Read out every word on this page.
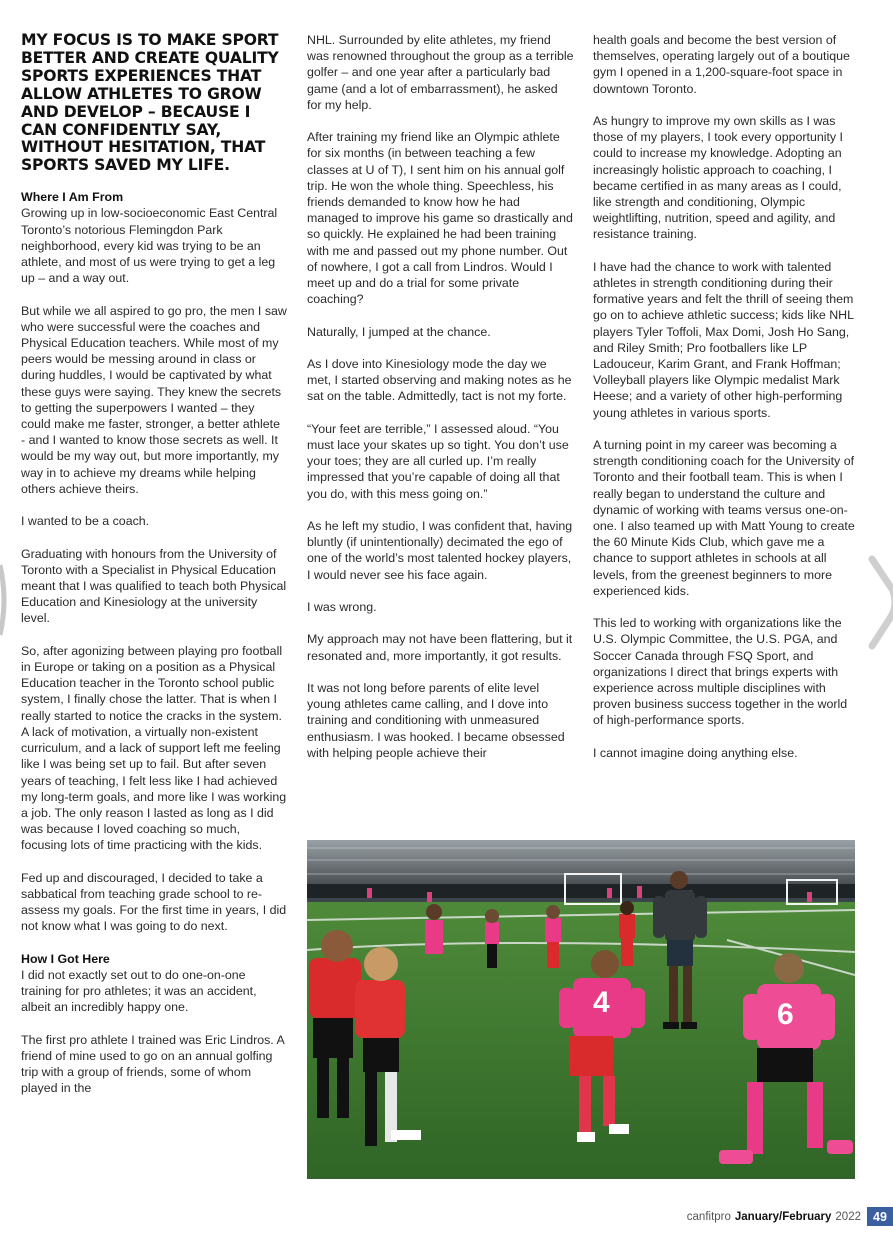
MY FOCUS IS TO MAKE SPORT BETTER AND CREATE QUALITY SPORTS EXPERIENCES THAT ALLOW ATHLETES TO GROW AND DEVELOP – BECAUSE I CAN CONFIDENTLY SAY, WITHOUT HESITATION, THAT SPORTS SAVED MY LIFE.
Where I Am From

Growing up in low-socioeconomic East Central Toronto’s notorious Flemingdon Park neighborhood, every kid was trying to be an athlete, and most of us were trying to get a leg up – and a way out.

But while we all aspired to go pro, the men I saw who were successful were the coaches and Physical Education teachers. While most of my peers would be messing around in class or during huddles, I would be captivated by what these guys were saying. They knew the secrets to getting the superpowers I wanted – they could make me faster, stronger, a better athlete - and I wanted to know those secrets as well. It would be my way out, but more importantly, my way in to achieve my dreams while helping others achieve theirs.

I wanted to be a coach.

Graduating with honours from the University of Toronto with a Specialist in Physical Education meant that I was qualified to teach both Physical Education and Kinesiology at the university level.

So, after agonizing between playing pro football in Europe or taking on a position as a Physical Education teacher in the Toronto school public system, I finally chose the latter. That is when I really started to notice the cracks in the system. A lack of motivation, a virtually non-existent curriculum, and a lack of support left me feeling like I was being set up to fail. But after seven years of teaching, I felt less like I had achieved my long-term goals, and more like I was working a job. The only reason I lasted as long as I did was because I loved coaching so much, focusing lots of time practicing with the kids.

Fed up and discouraged, I decided to take a sabbatical from teaching grade school to re-assess my goals. For the first time in years, I did not know what I was going to do next.

How I Got Here

I did not exactly set out to do one-on-one training for pro athletes; it was an accident, albeit an incredibly happy one.

The first pro athlete I trained was Eric Lindros. A friend of mine used to go on an annual golfing trip with a group of friends, some of whom played in the

NHL. Surrounded by elite athletes, my friend was renowned throughout the group as a terrible golfer – and one year after a particularly bad game (and a lot of embarrassment), he asked for my help.

After training my friend like an Olympic athlete for six months (in between teaching a few classes at U of T), I sent him on his annual golf trip. He won the whole thing. Speechless, his friends demanded to know how he had managed to improve his game so drastically and so quickly. He explained he had been training with me and passed out my phone number. Out of nowhere, I got a call from Lindros. Would I meet up and do a trial for some private coaching?

Naturally, I jumped at the chance.

As I dove into Kinesiology mode the day we met, I started observing and making notes as he sat on the table. Admittedly, tact is not my forte.

“Your feet are terrible,” I assessed aloud. “You must lace your skates up so tight. You don’t use your toes; they are all curled up. I’m really impressed that you’re capable of doing all that you do, with this mess going on.”

As he left my studio, I was confident that, having bluntly (if unintentionally) decimated the ego of one of the world’s most talented hockey players, I would never see his face again.

I was wrong.

My approach may not have been flattering, but it resonated and, more importantly, it got results.

It was not long before parents of elite level young athletes came calling, and I dove into training and conditioning with unmeasured enthusiasm. I was hooked. I became obsessed with helping people achieve their

health goals and become the best version of themselves, operating largely out of a boutique gym I opened in a 1,200-square-foot space in downtown Toronto.

As hungry to improve my own skills as I was those of my players, I took every opportunity I could to increase my knowledge. Adopting an increasingly holistic approach to coaching, I became certified in as many areas as I could, like strength and conditioning, Olympic weightlifting, nutrition, speed and agility, and resistance training.

I have had the chance to work with talented athletes in strength conditioning during their formative years and felt the thrill of seeing them go on to achieve athletic success; kids like NHL players Tyler Toffoli, Max Domi, Josh Ho Sang, and Riley Smith; Pro footballers like LP Ladouceur, Karim Grant, and Frank Hoffman; Volleyball players like Olympic medalist Mark Heese; and a variety of other high-performing young athletes in various sports.

A turning point in my career was becoming a strength conditioning coach for the University of Toronto and their football team. This is when I really began to understand the culture and dynamic of working with teams versus one-on-one. I also teamed up with Matt Young to create the 60 Minute Kids Club, which gave me a chance to support athletes in schools at all levels, from the greenest beginners to more experienced kids.

This led to working with organizations like the U.S. Olympic Committee, the U.S. PGA, and Soccer Canada through FSQ Sport, and organizations I direct that brings experts with experience across multiple disciplines with proven business success together in the world of high-performance sports.

I cannot imagine doing anything else.

4	6
canfitpro January/February 2022 49
